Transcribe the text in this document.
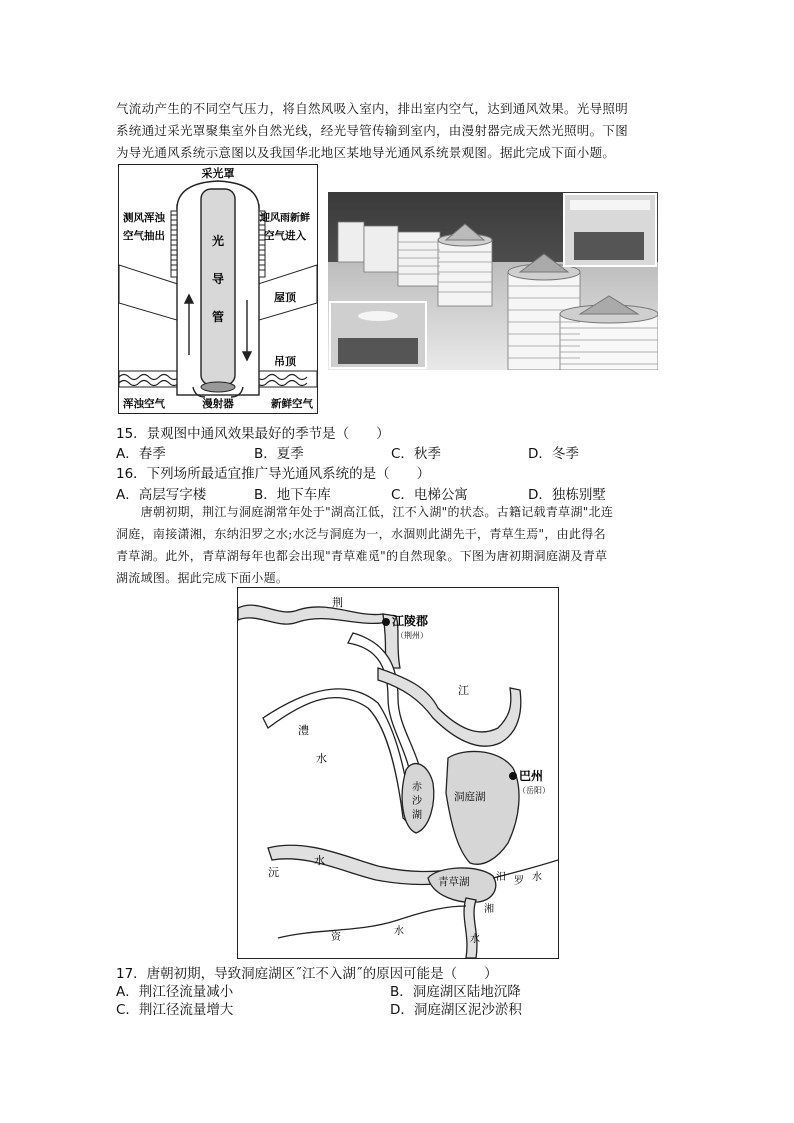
气流动产生的不同空气压力，将自然风吸入室内，排出室内空气，达到通风效果。光导照明
系统通过采光罩聚集室外自然光线，经光导管传输到室内，由漫射器完成天然光照明。下图
为导光通风系统示意图以及我国华北地区某地导光通风系统景观图。据此完成下面小题。
采光罩
测风浑浊
空气抽出
迎风雨新鲜
空气进入
光
导
管
屋顶
吊顶
浑浊空气	漫射器	新鲜空气
15．景观图中通风效果最好的季节是（　　）
A．春季	B．夏季	C．秋季	D．冬季
16．下列场所最适宜推广导光通风系统的是（　　）
A．高层写字楼	B．地下车库	C．电梯公寓	D．独栋别墅
　　唐朝初期，荆江与洞庭湖常年处于"湖高江低，江不入湖"的状态。古籍记载青草湖"北连
洞庭，南接潇湘，东纳汨罗之水;水泛与洞庭为一，水涸则此湖先干，青草生焉"，由此得名
青草湖。此外，青草湖每年也都会出现"青草难觅"的自然现象。下图为唐初期洞庭湖及青草
湖流域图。据此完成下面小题。
荆
江陵郡
（荆州）
江
澧
水
赤
沙
湖
洞庭湖
巴州
（岳阳）
沅
水
青草湖	汨 罗 水
湘
水
资
水
17．唐朝初期，导致洞庭湖区˝江不入湖˝的原因可能是（　　）
A．荆江径流量减小	B．洞庭湖区陆地沉降
C．荆江径流量增大	D．洞庭湖区泥沙淤积
